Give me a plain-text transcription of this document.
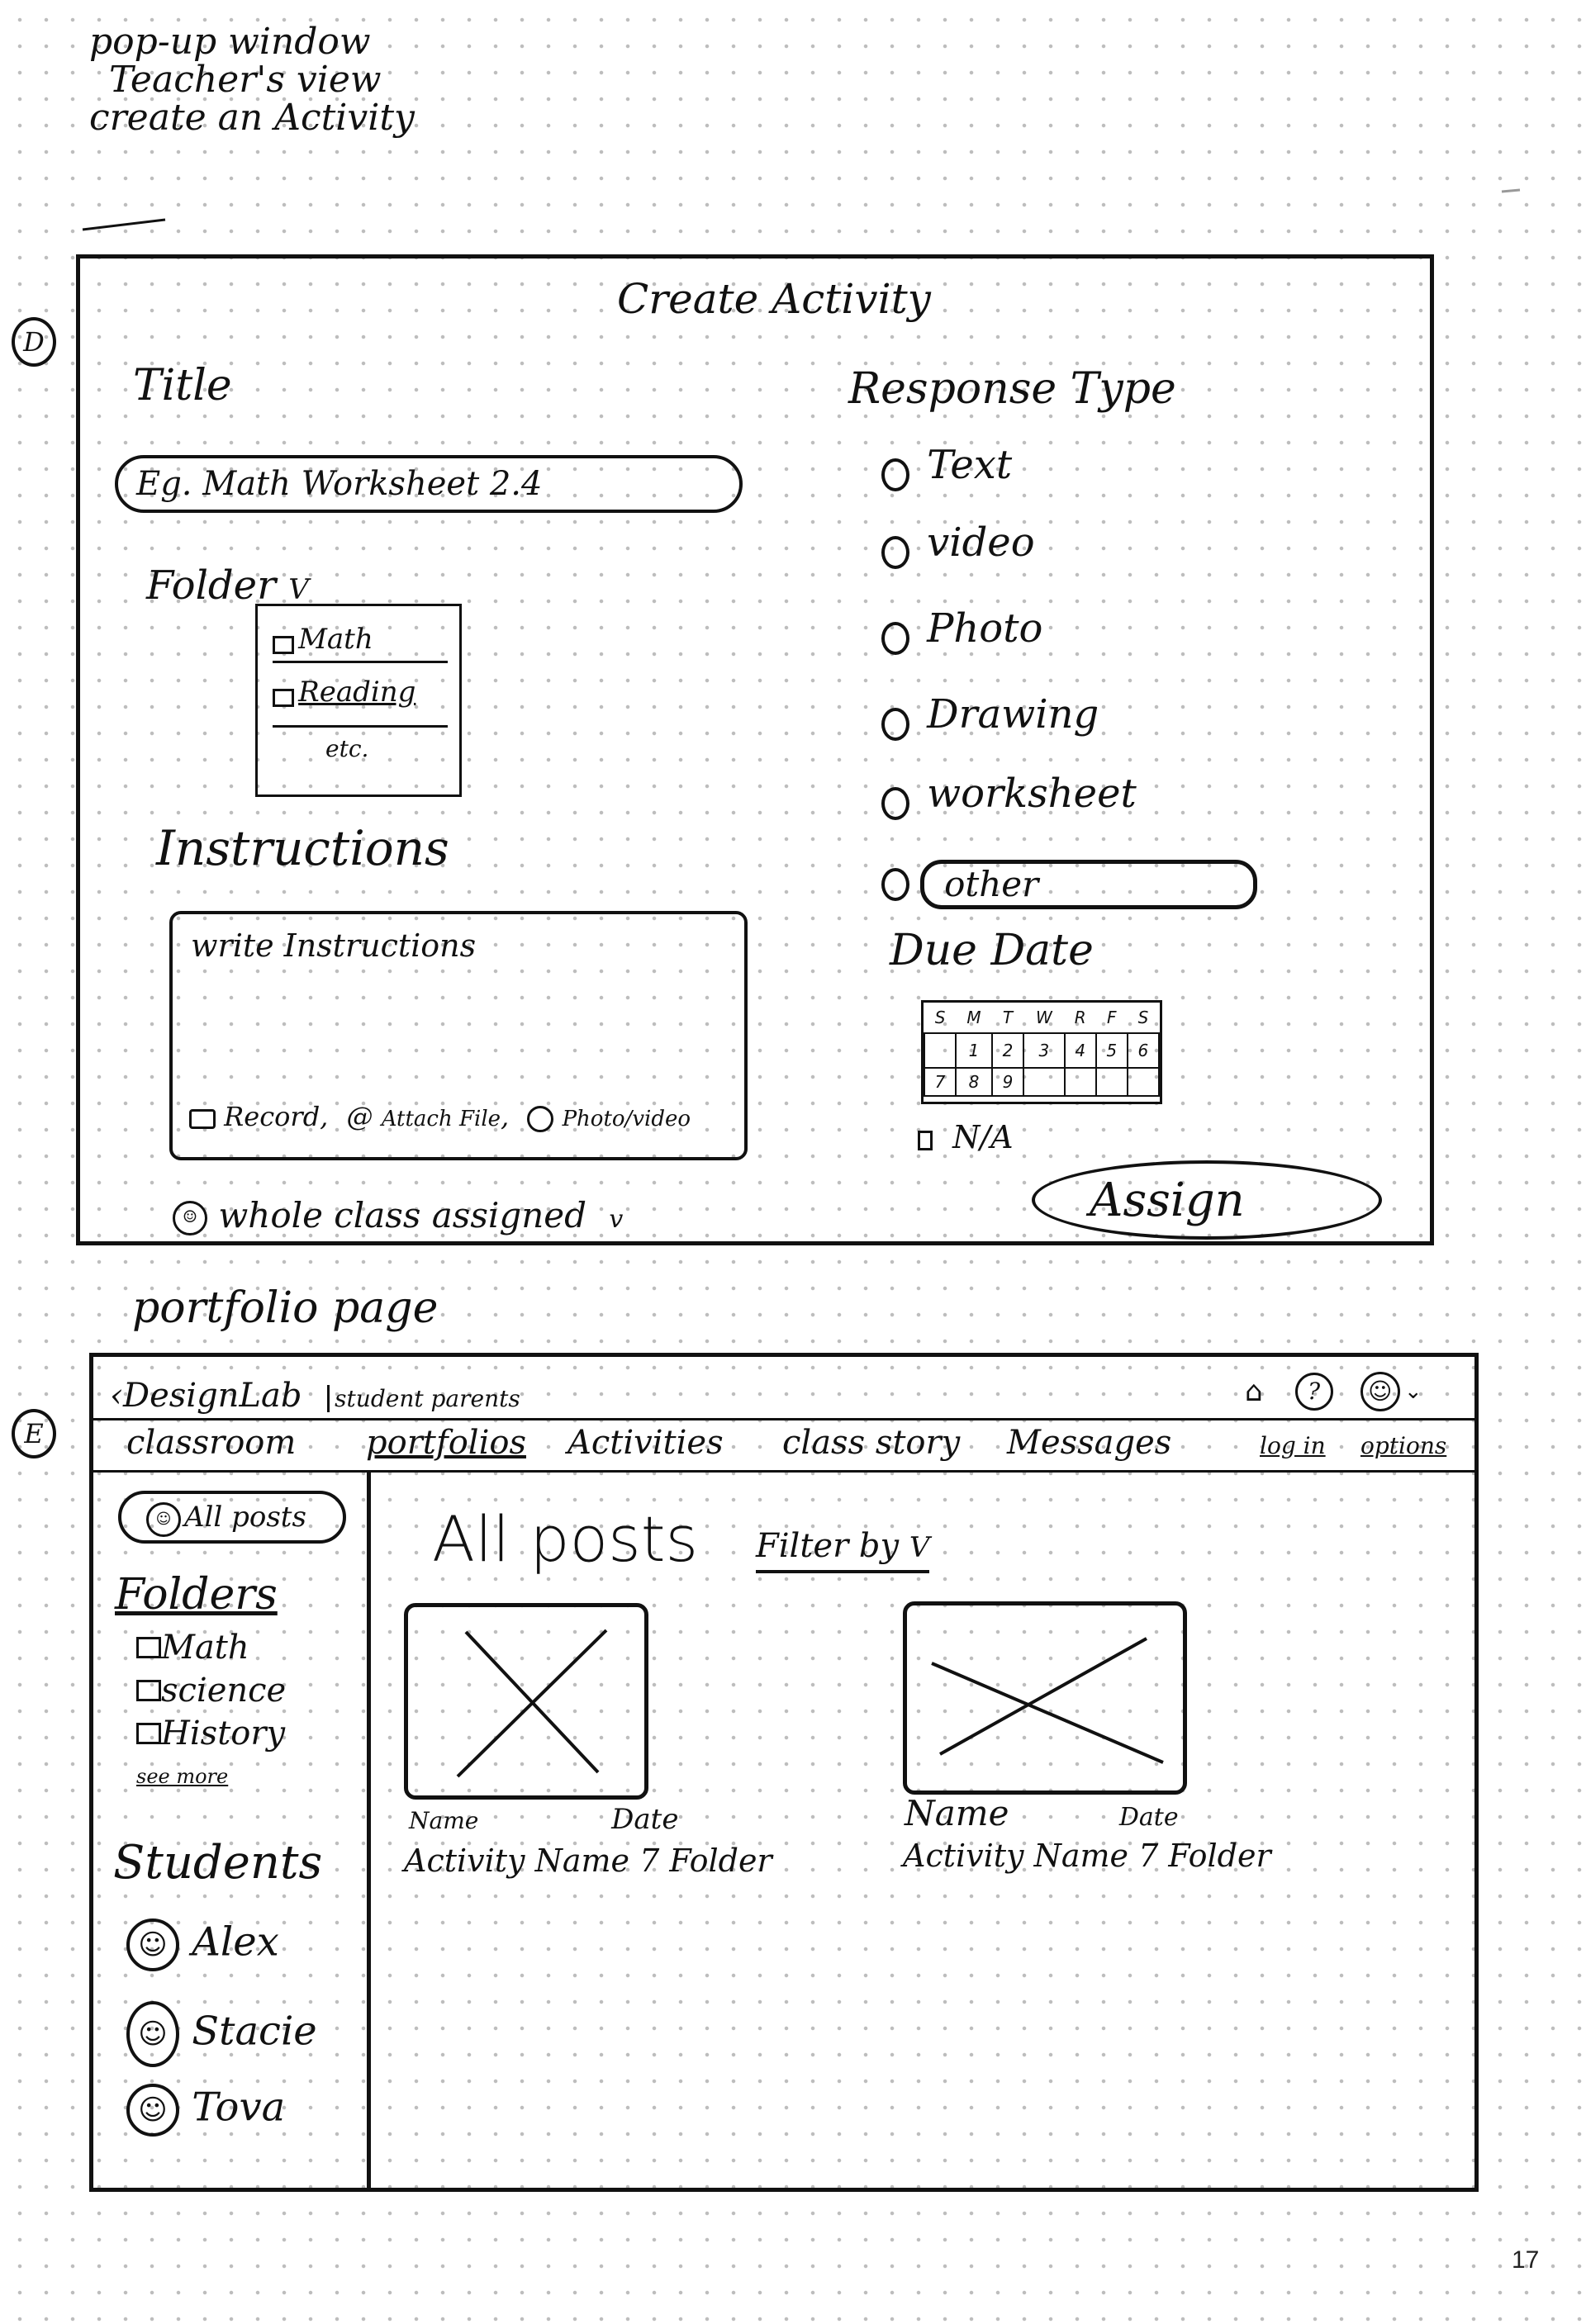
pop-up window
Teacher's view
create an Activity
D
Create Activity
Title
Eg. Math Worksheet 2.4
Folder V
Math
Reading
etc.
Instructions
write Instructions
Record, @ Attach File,  Photo/video
☺ whole class assigned v
Response Type
Text
video
Photo
Drawing
worksheet
other
Due Date
S	M	T	W	R	F	S
	1	2	3	4	5	6
7	8	9				
N/A
Assign
portfolio page
E
‹DesignLab student parents	⌂ ? ☺ ⌄
classroom portfolios Activities class story Messages	log in options
☺ All posts
Folders
Math
science
History
see more
Students
☺ Alex
☺ Stacie
☺ Tova
All posts Filter by V
Name	Date
Activity Name 7 Folder
Name	Date
Activity Name 7 Folder
17
